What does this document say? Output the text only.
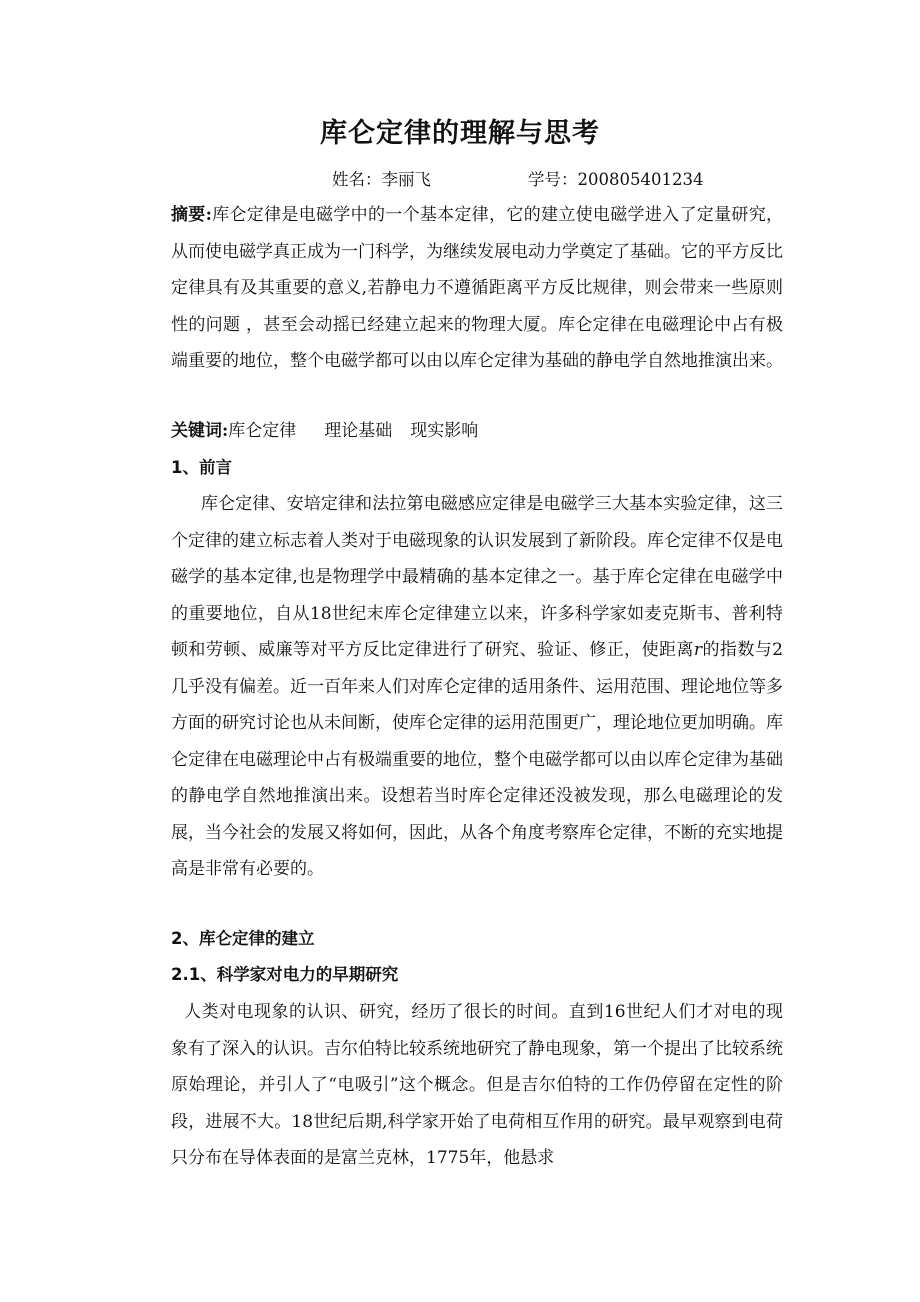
库仑定律的理解与思考
姓名：李丽飞	学号：200805401234
摘要:库仑定律是电磁学中的一个基本定律，它的建立使电磁学进入了定量研究，从而使电磁学真正成为一门科学，为继续发展电动力学奠定了基础。它的平方反比定律具有及其重要的意义,若静电力不遵循距离平方反比规律，则会带来一些原则性的问题 ，甚至会动摇已经建立起来的物理大厦。库仑定律在电磁理论中占有极端重要的地位，整个电磁学都可以由以库仑定律为基础的静电学自然地推演出来。
关键词:库仑定律 理论基础 现实影响
1、前言
库仑定律、安培定律和法拉第电磁感应定律是电磁学三大基本实验定律，这三个定律的建立标志着人类对于电磁现象的认识发展到了新阶段。库仑定律不仅是电磁学的基本定律,也是物理学中最精确的基本定律之一。基于库仑定律在电磁学中的重要地位，自从18世纪末库仑定律建立以来，许多科学家如麦克斯韦、普利特顿和劳顿、威廉等对平方反比定律进行了研究、验证、修正，使距离r的指数与2几乎没有偏差。近一百年来人们对库仑定律的适用条件、运用范围、理论地位等多方面的研究讨论也从未间断，使库仑定律的运用范围更广，理论地位更加明确。库仑定律在电磁理论中占有极端重要的地位，整个电磁学都可以由以库仑定律为基础的静电学自然地推演出来。设想若当时库仑定律还没被发现，那么电磁理论的发展，当今社会的发展又将如何，因此，从各个角度考察库仑定律，不断的充实地提高是非常有必要的。
2、库仑定律的建立
2.1、科学家对电力的早期研究
人类对电现象的认识、研究，经历了很长的时间。直到16世纪人们才对电的现象有了深入的认识。吉尔伯特比较系统地研究了静电现象，第一个提出了比较系统原始理论，并引人了“电吸引”这个概念。但是吉尔伯特的工作仍停留在定性的阶段，进展不大。18世纪后期,科学家开始了电荷相互作用的研究。最早观察到电荷只分布在导体表面的是富兰克林，1775年，他悬求
